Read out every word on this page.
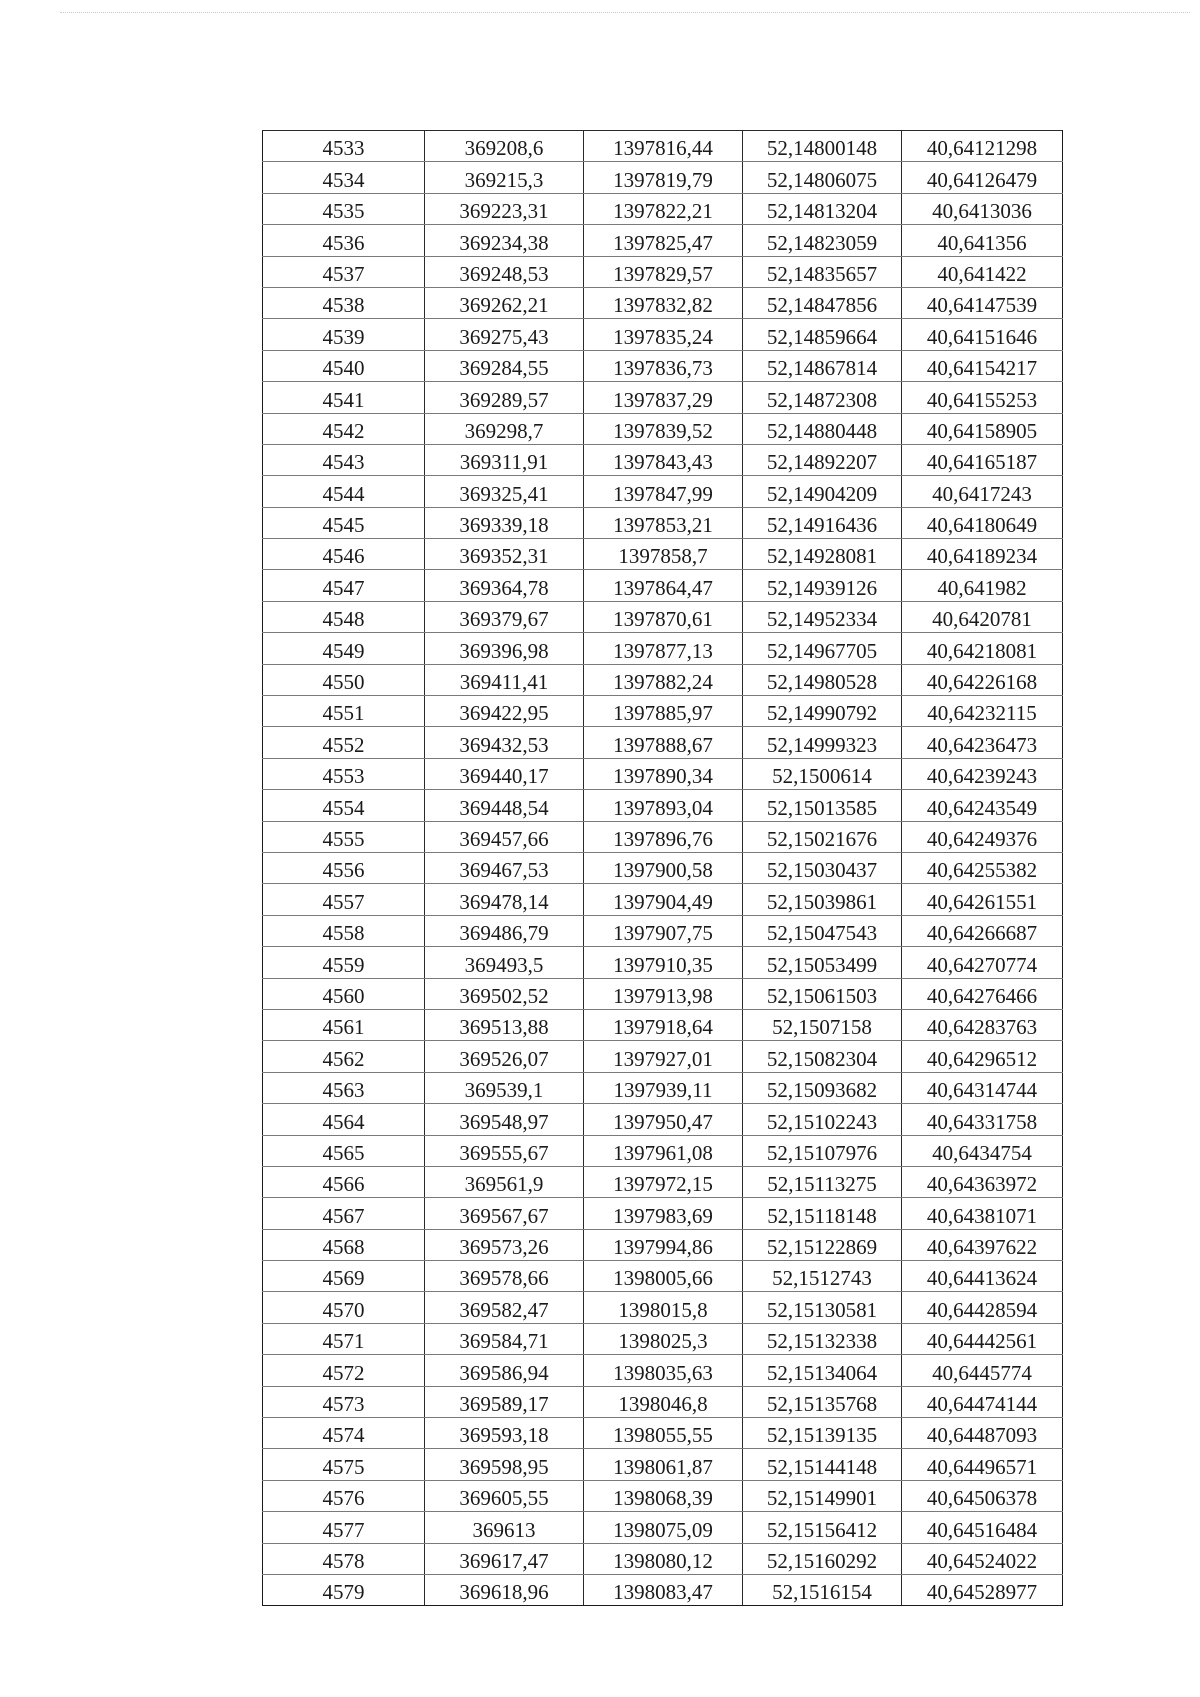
4533	369208,6	1397816,44	52,14800148	40,64121298
4534	369215,3	1397819,79	52,14806075	40,64126479
4535	369223,31	1397822,21	52,14813204	40,6413036
4536	369234,38	1397825,47	52,14823059	40,641356
4537	369248,53	1397829,57	52,14835657	40,641422
4538	369262,21	1397832,82	52,14847856	40,64147539
4539	369275,43	1397835,24	52,14859664	40,64151646
4540	369284,55	1397836,73	52,14867814	40,64154217
4541	369289,57	1397837,29	52,14872308	40,64155253
4542	369298,7	1397839,52	52,14880448	40,64158905
4543	369311,91	1397843,43	52,14892207	40,64165187
4544	369325,41	1397847,99	52,14904209	40,6417243
4545	369339,18	1397853,21	52,14916436	40,64180649
4546	369352,31	1397858,7	52,14928081	40,64189234
4547	369364,78	1397864,47	52,14939126	40,641982
4548	369379,67	1397870,61	52,14952334	40,6420781
4549	369396,98	1397877,13	52,14967705	40,64218081
4550	369411,41	1397882,24	52,14980528	40,64226168
4551	369422,95	1397885,97	52,14990792	40,64232115
4552	369432,53	1397888,67	52,14999323	40,64236473
4553	369440,17	1397890,34	52,1500614	40,64239243
4554	369448,54	1397893,04	52,15013585	40,64243549
4555	369457,66	1397896,76	52,15021676	40,64249376
4556	369467,53	1397900,58	52,15030437	40,64255382
4557	369478,14	1397904,49	52,15039861	40,64261551
4558	369486,79	1397907,75	52,15047543	40,64266687
4559	369493,5	1397910,35	52,15053499	40,64270774
4560	369502,52	1397913,98	52,15061503	40,64276466
4561	369513,88	1397918,64	52,1507158	40,64283763
4562	369526,07	1397927,01	52,15082304	40,64296512
4563	369539,1	1397939,11	52,15093682	40,64314744
4564	369548,97	1397950,47	52,15102243	40,64331758
4565	369555,67	1397961,08	52,15107976	40,6434754
4566	369561,9	1397972,15	52,15113275	40,64363972
4567	369567,67	1397983,69	52,15118148	40,64381071
4568	369573,26	1397994,86	52,15122869	40,64397622
4569	369578,66	1398005,66	52,1512743	40,64413624
4570	369582,47	1398015,8	52,15130581	40,64428594
4571	369584,71	1398025,3	52,15132338	40,64442561
4572	369586,94	1398035,63	52,15134064	40,6445774
4573	369589,17	1398046,8	52,15135768	40,64474144
4574	369593,18	1398055,55	52,15139135	40,64487093
4575	369598,95	1398061,87	52,15144148	40,64496571
4576	369605,55	1398068,39	52,15149901	40,64506378
4577	369613	1398075,09	52,15156412	40,64516484
4578	369617,47	1398080,12	52,15160292	40,64524022
4579	369618,96	1398083,47	52,1516154	40,64528977
